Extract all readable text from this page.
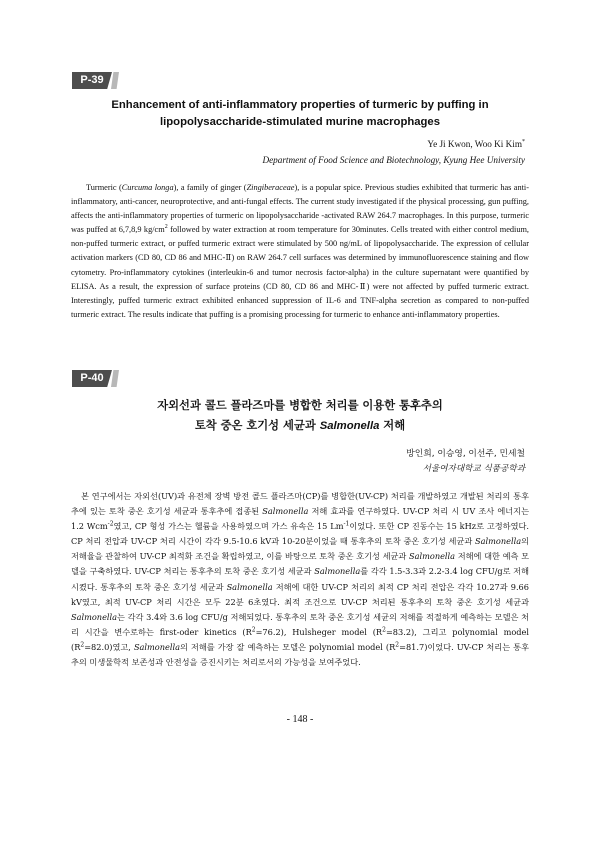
P-39
Enhancement of anti-inflammatory properties of turmeric by puffing in
lipopolysaccharide-stimulated murine macrophages
Ye Ji Kwon, Woo Ki Kim*
Department of Food Science and Biotechnology, Kyung Hee University

Turmeric (Curcuma longa), a family of ginger (Zingiberaceae), is a popular spice. Previous studies exhibited that turmeric has anti-inflammatory, anti-cancer, neuroprotective, and anti-fungal effects. The current study investigated if the physical processing, gun puffing, affects the anti-inflammatory properties of turmeric on lipopolysaccharide -activated RAW 264.7 macrophages. In this purpose, turmeric was puffed at 6,7,8,9 $kg/cm^2$ followed by water extraction at room temperature for 30minutes. Cells treated with either control medium, non-puffed turmeric extract, or puffed turmeric extract were stimulated by 500 ng/mL of lipopolysaccharide. The expression of cellular activation markers (CD 80, CD 86 and MHC-Ⅱ) on RAW 264.7 cell surfaces was determined by immunofluorescence staining and flow cytometry. Pro-inflammatory cytokines (interleukin-6 and tumor necrosis factor-alpha) in the culture supernatant were quantified by ELISA. As a result, the expression of surface proteins (CD 80, CD 86 and MHC-Ⅱ) were not affected by puffed turmeric extract. Interestingly, puffed turmeric extract exhibited enhanced suppression of IL-6 and TNF-alpha secretion as compared to non-puffed turmeric extract. The results indicate that puffing is a promising processing for turmeric to enhance anti-inflammatory properties.

P-40
자외선과 콜드 플라즈마를 병합한 처리를 이용한 통후추의
토착 중온 호기성 세균과 Salmonella 저해
방인희, 이승영, 이선주, 민세철
서울여자대학교 식품공학과

본 연구에서는 자외선(UV)과 유전체 장벽 방전 콜드 플라즈마(CP)를 병합한(UV-CP) 처리를 개발하였고 개발된 처리의 통후추에 있는 토착 중온 호기성 세균과 통후추에 접종된 Salmonella 저해 효과를 연구하였다. UV-CP 처리 시 UV 조사 에너지는 1.2 Wcm$^{-2}$였고, CP 형성 가스는 헬륨을 사용하였으며 가스 유속은 15 $Lm^{-1}$이었다. 또한 CP 진동수는 15 kHz로 고정하였다. CP 처리 전압과 UV-CP 처리 시간이 각각 9.5-10.6 kV과 10-20분이었을 때 통후추의 토착 중온 호기성 세균과 Salmonella의 저해율을 관찰하여 UV-CP 최적화 조건을 확립하였고, 이를 바탕으로 토착 중온 호기성 세균과 Salmonella 저해에 대한 예측 모델을 구축하였다. UV-CP 처리는 통후추의 토착 중온 호기성 세균과 Salmonella를 각각 1.5-3.3과 2.2-3.4 log CFU/g로 저해시켰다. 통후추의 토착 중온 호기성 세균과 Salmonella 저해에 대한 UV-CP 처리의 최적 CP 처리 전압은 각각 10.27과 9.66 kV였고, 최적 UV-CP 처리 시간은 모두 22분 6초였다. 최적 조건으로 UV-CP 처리된 통후추의 토착 중온 호기성 세균과 Salmonella는 각각 3.4와 3.6 log CFU/g 저해되었다. 통후추의 토착 중온 호기성 세균의 저해를 적절하게 예측하는 모델은 처리 시간을 변수로하는 first-oder kinetics $(R^2=76.2)$, Hulsheger model $(R^2=83.2)$, 그리고 polynomial model $(R^2=82.0)$였고, Salmonella의 저해를 가장 잘 예측하는 모델은 polynomial model $(R^2=81.7)$이었다. UV-CP 처리는 통후추의 미생물학적 보존성과 안전성을 증진시키는 처리로서의 가능성을 보여주었다.

- 148 -
